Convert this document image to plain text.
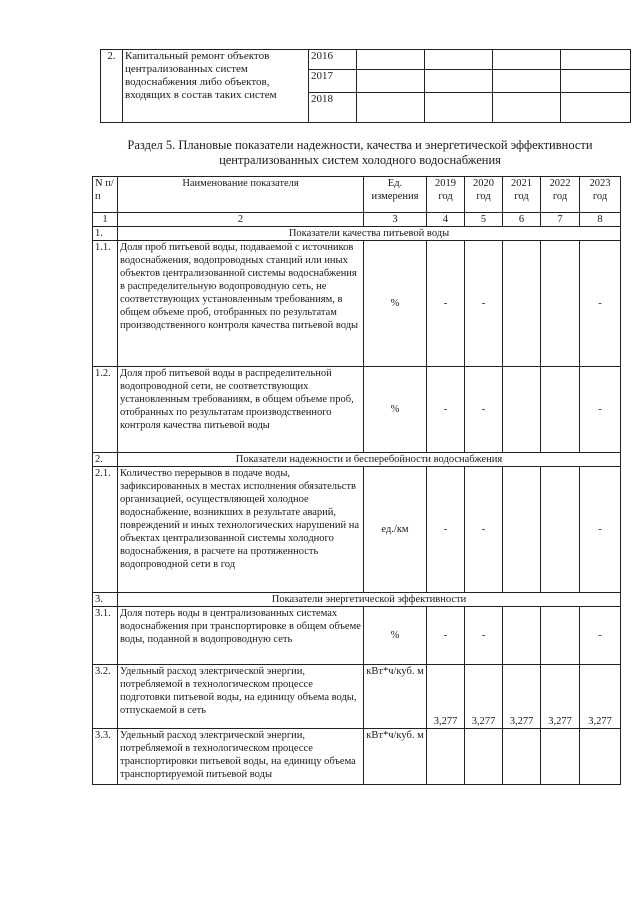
2.	Капитальный ремонт объектов централизованных систем водоснабжения либо объектов, входящих в состав таких систем	2016				
		2017				
		2018				
Раздел 5. Плановые показатели надежности, качества и энергетической эффективности
централизованных систем холодного водоснабжения
N п/п	Наименование показателя	Ед. измерения	2019 год	2020 год	2021 год	2022 год	2023 год
1	2	3	4	5	6	7	8
1.	Показатели качества питьевой воды						
1.1.	Доля проб питьевой воды, подаваемой с источников водоснабжения, водопроводных станций или иных объектов централизованной системы водоснабжения в распределительную водопроводную сеть, не соответствующих установленным требованиям, в общем объеме проб, отобранных по результатам производственного контроля качества питьевой воды	%	-	-			-
1.2.	Доля проб питьевой воды в распределительной водопроводной сети, не соответствующих установленным требованиям, в общем объеме проб, отобранных по результатам производственного контроля качества питьевой воды	%	-	-			-
2.	Показатели надежности и бесперебойности водоснабжения						
2.1.	Количество перерывов в подаче воды, зафиксированных в местах исполнения обязательств организацией, осуществляющей холодное водоснабжение, возникших в результате аварий, повреждений и иных технологических нарушений на объектах централизованной системы холодного водоснабжения, в расчете на протяженность водопроводной сети в год	ед./км	-	-			-
3.	Показатели энергетической эффективности						
3.1.	Доля потерь воды в централизованных системах водоснабжения при транспортировке в общем объеме воды, поданной в водопроводную сеть	%	-	-			-
3.2.	Удельный расход электрической энергии, потребляемой в технологическом процессе подготовки питьевой воды, на единицу объема воды, отпускаемой в сеть	кВт*ч/куб. м	3,277	3,277	3,277	3,277	3,277
3.3.	Удельный расход электрической энергии, потребляемой в технологическом процессе транспортировки питьевой воды, на единицу объема транспортируемой питьевой воды	кВт*ч/куб. м					
